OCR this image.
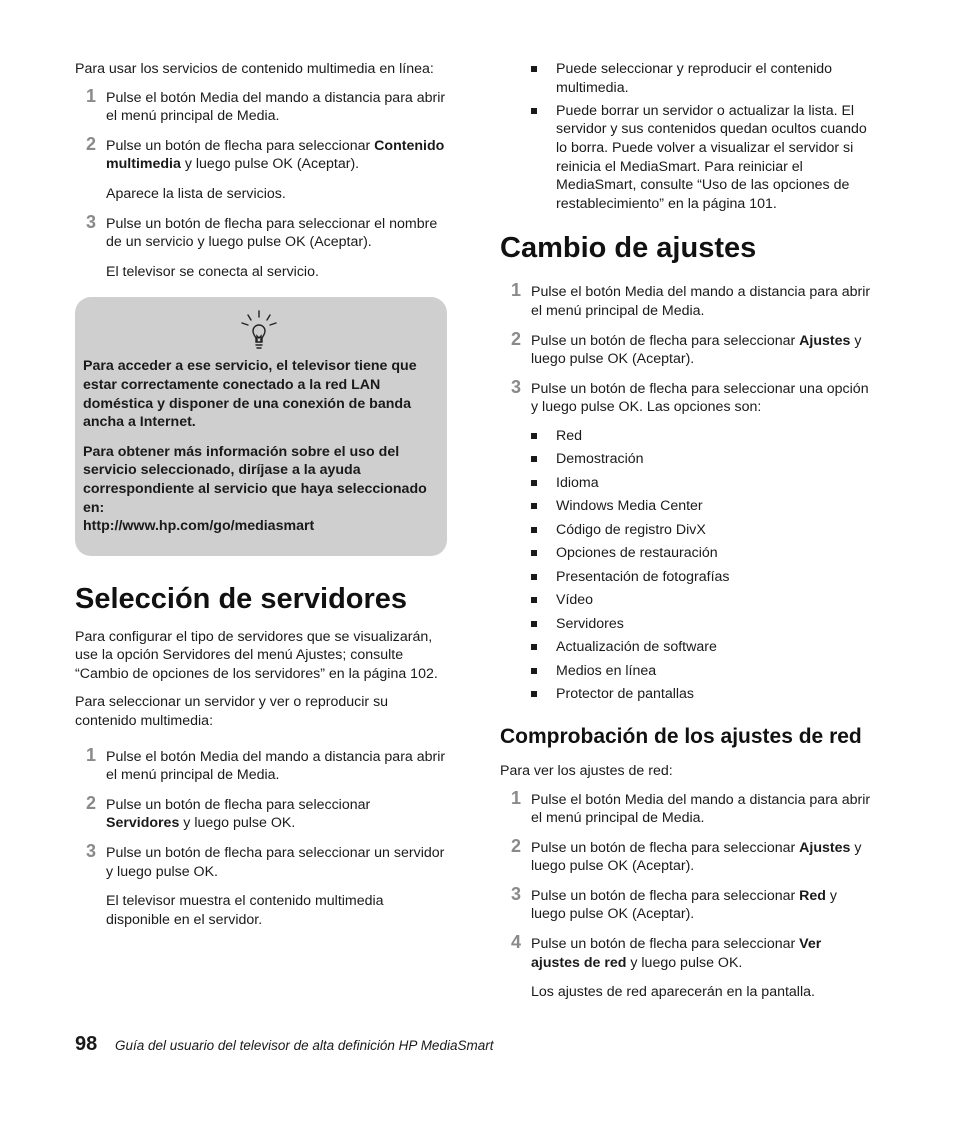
Para usar los servicios de contenido multimedia en línea:

1 Pulse el botón Media del mando a distancia para abrir el menú principal de Media.
2 Pulse un botón de flecha para seleccionar Contenido multimedia y luego pulse OK (Aceptar).

Aparece la lista de servicios.

3 Pulse un botón de flecha para seleccionar el nombre de un servicio y luego pulse OK (Aceptar).

El televisor se conecta al servicio.

Para acceder a ese servicio, el televisor tiene que estar correctamente conectado a la red LAN doméstica y disponer de una conexión de banda ancha a Internet.

Para obtener más información sobre el uso del servicio seleccionado, diríjase a la ayuda correspondiente al servicio que haya seleccionado en:

http://www.hp.com/go/mediasmart

Selección de servidores

Para configurar el tipo de servidores que se visualizarán, use la opción Servidores del menú Ajustes; consulte “Cambio de opciones de los servidores” en la página 102.

Para seleccionar un servidor y ver o reproducir su contenido multimedia:

1 Pulse el botón Media del mando a distancia para abrir el menú principal de Media.
2 Pulse un botón de flecha para seleccionar Servidores y luego pulse OK.
3 Pulse un botón de flecha para seleccionar un servidor y luego pulse OK.

El televisor muestra el contenido multimedia disponible en el servidor.

Puede seleccionar y reproducir el contenido multimedia.
Puede borrar un servidor o actualizar la lista. El servidor y sus contenidos quedan ocultos cuando lo borra. Puede volver a visualizar el servidor si reinicia el MediaSmart. Para reiniciar el MediaSmart, consulte “Uso de las opciones de restablecimiento” en la página 101.
Cambio de ajustes
1 Pulse el botón Media del mando a distancia para abrir el menú principal de Media.
2 Pulse un botón de flecha para seleccionar Ajustes y luego pulse OK (Aceptar).
3 Pulse un botón de flecha para seleccionar una opción y luego pulse OK. Las opciones son:
Red
Demostración
Idioma
Windows Media Center
Código de registro DivX
Opciones de restauración
Presentación de fotografías
Vídeo
Servidores
Actualización de software
Medios en línea
Protector de pantallas
Comprobación de los ajustes de red

Para ver los ajustes de red:

1 Pulse el botón Media del mando a distancia para abrir el menú principal de Media.
2 Pulse un botón de flecha para seleccionar Ajustes y luego pulse OK (Aceptar).
3 Pulse un botón de flecha para seleccionar Red y luego pulse OK (Aceptar).
4 Pulse un botón de flecha para seleccionar Ver ajustes de red y luego pulse OK.

Los ajustes de red aparecerán en la pantalla.

98 Guía del usuario del televisor de alta definición HP MediaSmart
